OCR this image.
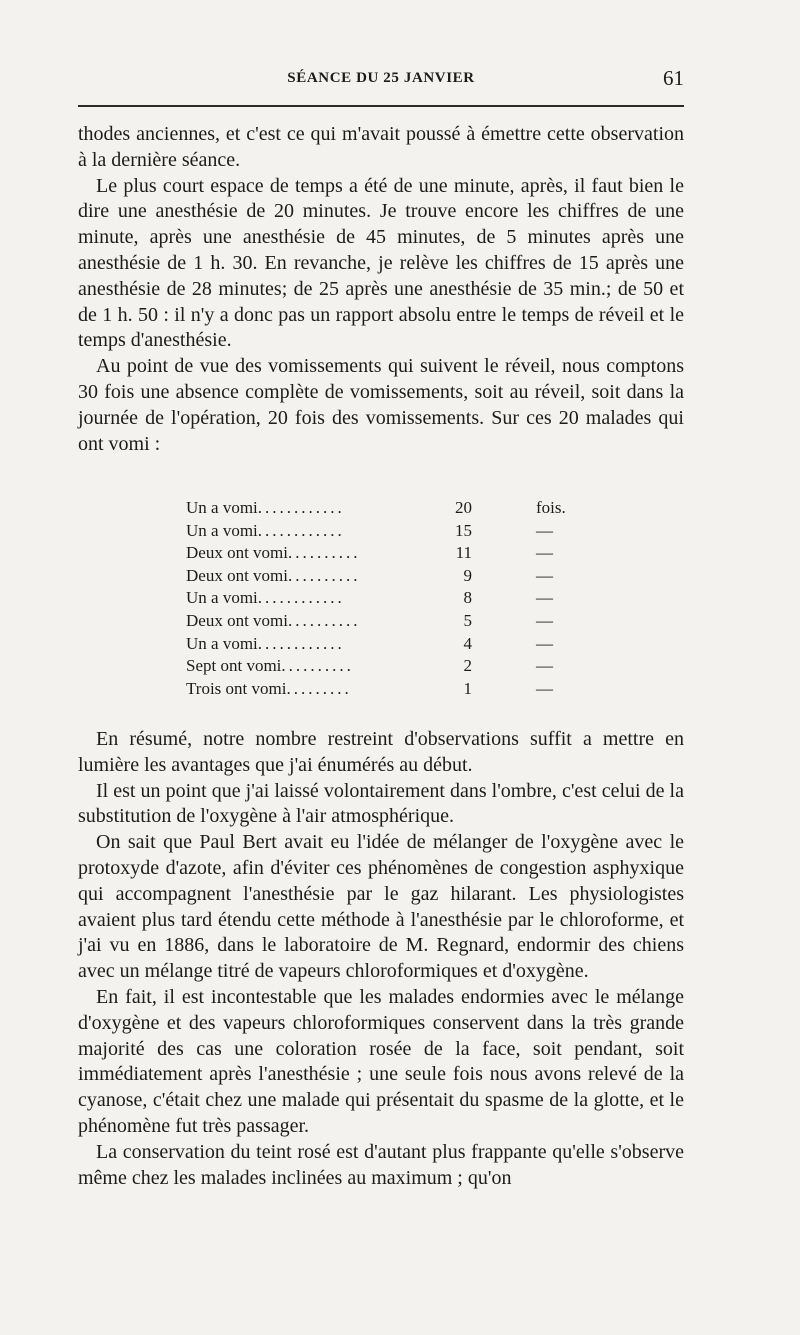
SÉANCE DU 25 JANVIER	61

thodes anciennes, et c'est ce qui m'avait poussé à émettre cette observation à la dernière séance.

Le plus court espace de temps a été de une minute, après, il faut bien le dire une anesthésie de 20 minutes. Je trouve encore les chiffres de une minute, après une anesthésie de 45 minutes, de 5 minutes après une anesthésie de 1 h. 30. En revanche, je relève les chiffres de 15 après une anesthésie de 28 minutes; de 25 après une anesthésie de 35 min.; de 50 et de 1 h. 50 : il n'y a donc pas un rapport absolu entre le temps de réveil et le temps d'anesthésie.

Au point de vue des vomissements qui suivent le réveil, nous comptons 30 fois une absence complète de vomissements, soit au réveil, soit dans la journée de l'opération, 20 fois des vomissements. Sur ces 20 malades qui ont vomi :

Un a vomi............	20	fois.
Un a vomi............	15	—
Deux ont vomi..........	11	—
Deux ont vomi..........	9	—
Un a vomi............	8	—
Deux ont vomi..........	5	—
Un a vomi............	4	—
Sept ont vomi..........	2	—
Trois ont vomi.........	1	—

En résumé, notre nombre restreint d'observations suffit a mettre en lumière les avantages que j'ai énumérés au début.

Il est un point que j'ai laissé volontairement dans l'ombre, c'est celui de la substitution de l'oxygène à l'air atmosphérique.

On sait que Paul Bert avait eu l'idée de mélanger de l'oxygène avec le protoxyde d'azote, afin d'éviter ces phénomènes de congestion asphyxique qui accompagnent l'anesthésie par le gaz hilarant. Les physiologistes avaient plus tard étendu cette méthode à l'anesthésie par le chloroforme, et j'ai vu en 1886, dans le laboratoire de M. Regnard, endormir des chiens avec un mélange titré de vapeurs chloroformiques et d'oxygène.

En fait, il est incontestable que les malades endormies avec le mélange d'oxygène et des vapeurs chloroformiques conservent dans la très grande majorité des cas une coloration rosée de la face, soit pendant, soit immédiatement après l'anesthésie ; une seule fois nous avons relevé de la cyanose, c'était chez une malade qui présentait du spasme de la glotte, et le phénomène fut très passager.

La conservation du teint rosé est d'autant plus frappante qu'elle s'observe même chez les malades inclinées au maximum ; qu'on
